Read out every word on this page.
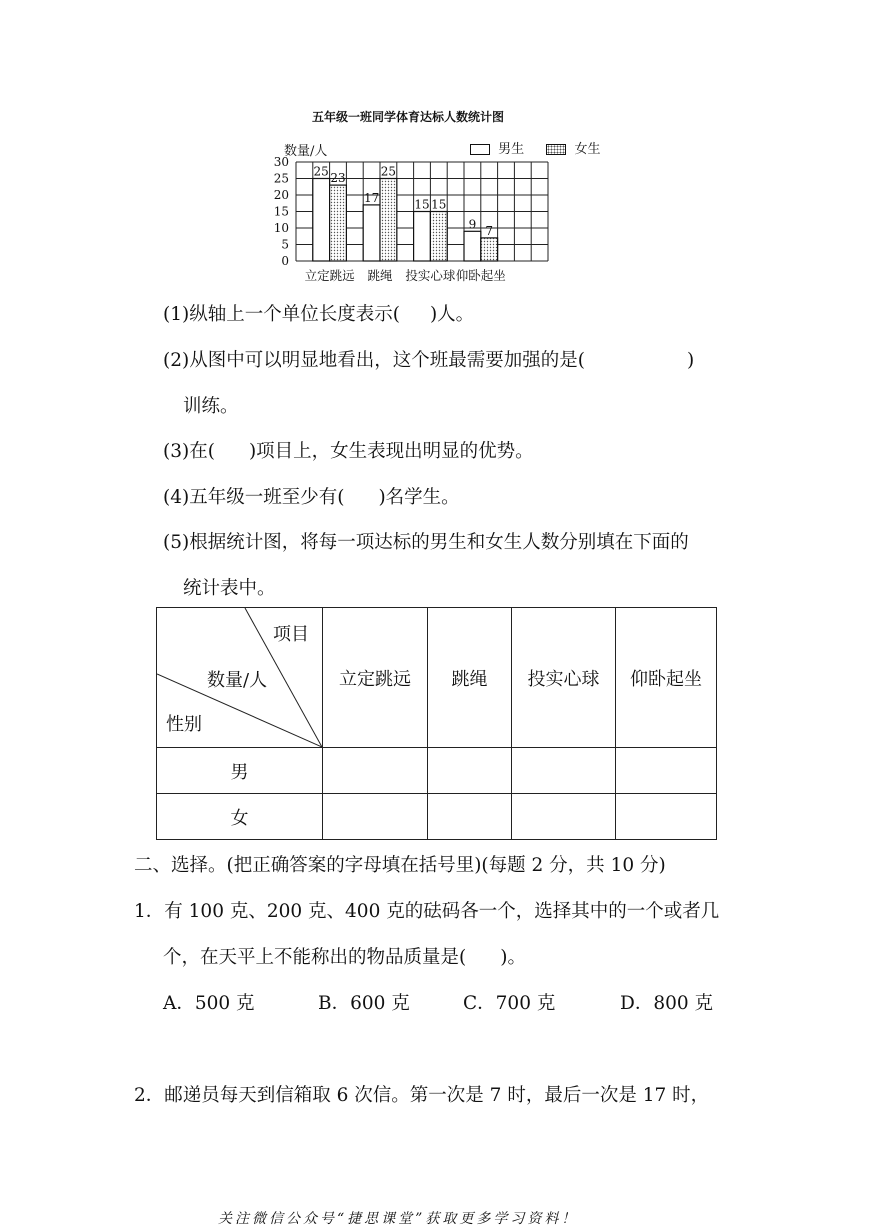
五年级一班同学体育达标人数统计图
数量/人	男生	女生
0
5
10
15
20
25
30
25 23
立定跳远
17
25
跳绳
15 15
投实心球
9 7
仰卧起坐
(1)纵轴上一个单位长度表示( )人。
(2)从图中可以明显地看出，这个班最需要加强的是(	)
训练。
(3)在( )项目上，女生表现出明显的优势。
(4)五年级一班至少有( )名学生。
(5)根据统计图，将每一项达标的男生和女生人数分别填在下面的
统计表中。
项目
数量/人
性别	立定跳远	跳绳	投实心球	仰卧起坐
男				
女				
二、选择。(把正确答案的字母填在括号里)(每题 2 分，共 10 分)
1．有 100 克、200 克、400 克的砝码各一个，选择其中的一个或者几
个，在天平上不能称出的物品质量是( )。
A．500 克	B．600 克	C．700 克	D．800 克
2．邮递员每天到信箱取 6 次信。第一次是 7 时，最后一次是 17 时，
关注微信公众号“捷思课堂”获取更多学习资料！
